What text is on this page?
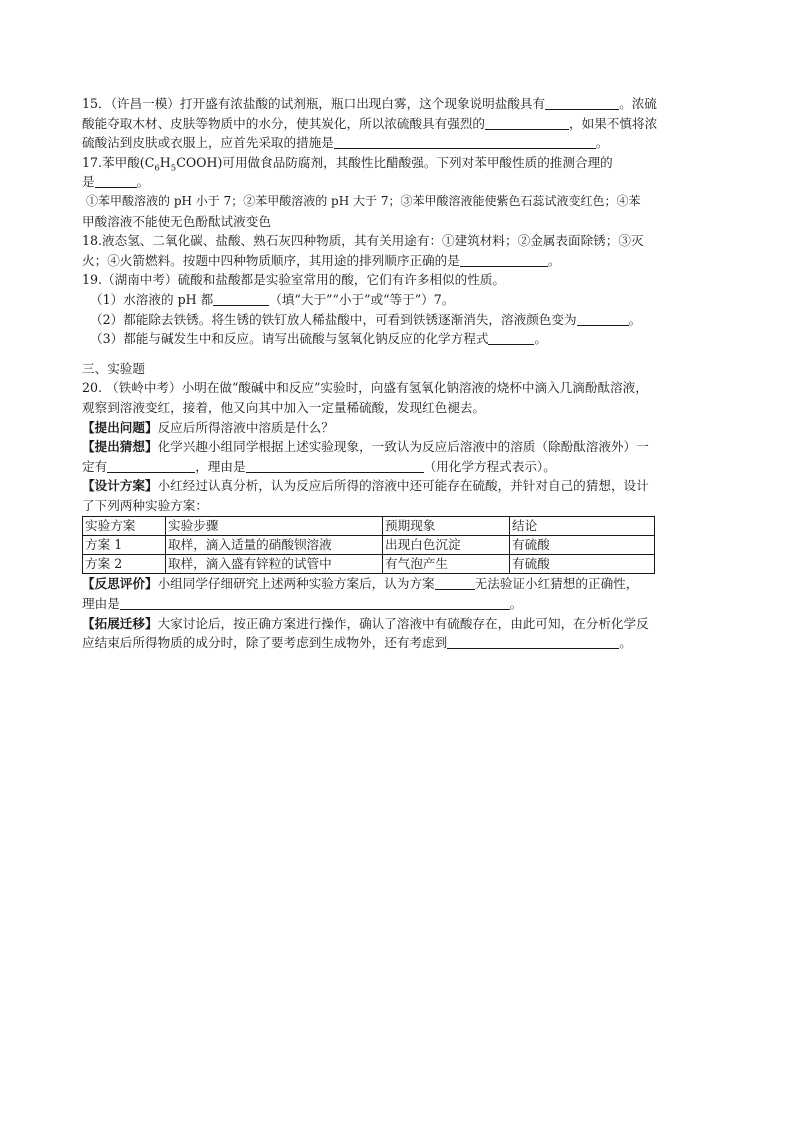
15．（许昌一模）打开盛有浓盐酸的试剂瓶，瓶口出现白雾，这个现象说明盐酸具有	。浓硫

酸能夺取木材、皮肤等物质中的水分，使其炭化，所以浓硫酸具有强烈的	，如果不慎将浓

硫酸沾到皮肤或衣服上，应首先采取的措施是	。

17.苯甲酸$(C_6H_5COOH)$可用做食品防腐剂，其酸性比醋酸强。下列对苯甲酸性质的推测合理的

是	。

①苯甲酸溶液的 pH 小于 7；②苯甲酸溶液的 pH 大于 7；③苯甲酸溶液能使紫色石蕊试液变红色；④苯

甲酸溶液不能使无色酚酞试液变色

18.液态氢、二氧化碳、盐酸、熟石灰四种物质，其有关用途有：①建筑材料；②金属表面除锈；③灭

火；④火箭燃料。按题中四种物质顺序，其用途的排列顺序正确的是	。

19.（湖南中考）硫酸和盐酸都是实验室常用的酸，它们有许多相似的性质。

（1）水溶液的 pH 都	（填“大于”“小于”或“等于”）7。

（2）都能除去铁锈。将生锈的铁钉放人稀盐酸中，可看到铁锈逐渐消失，溶液颜色变为	。

（3）都能与碱发生中和反应。请写出硫酸与氢氧化钠反应的化学方程式	。

三、实验题

20. （铁岭中考）小明在做“酸碱中和反应”实验时，向盛有氢氧化钠溶液的烧杯中滴入几滴酚酞溶液，

观察到溶液变红，接着，他又向其中加入一定量稀硫酸，发现红色褪去。

【提出问题】反应后所得溶液中溶质是什么？

【提出猜想】化学兴趣小组同学根据上述实验现象，一致认为反应后溶液中的溶质（除酚酞溶液外）一

定有	，理由是	（用化学方程式表示）。

【设计方案】小红经过认真分析，认为反应后所得的溶液中还可能存在硫酸，并针对自己的猜想，设计

了下列两种实验方案：

实验方案	实验步骤	预期现象	结论
方案 1	取样，滴入适量的硝酸钡溶液	出现白色沉淀	有硫酸
方案 2	取样，滴入盛有锌粒的试管中	有气泡产生	有硫酸

【反思评价】小组同学仔细研究上述两种实验方案后，认为方案	无法验证小红猜想的正确性，

理由是	。

【拓展迁移】大家讨论后，按正确方案进行操作，确认了溶液中有硫酸存在，由此可知，在分析化学反

应结束后所得物质的成分时，除了要考虑到生成物外，还有考虑到	。
